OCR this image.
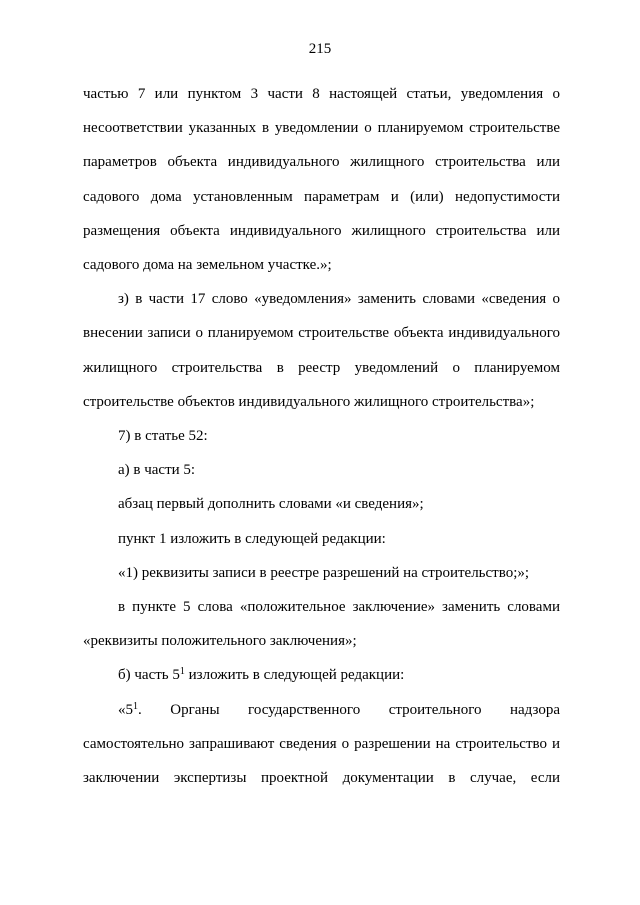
215

частью 7 или пунктом 3 части 8 настоящей статьи, уведомления о несоответствии указанных в уведомлении о планируемом строительстве параметров объекта индивидуального жилищного строительства или садового дома установленным параметрам и (или) недопустимости размещения объекта индивидуального жилищного строительства или садового дома на земельном участке.»;

з) в части 17 слово «уведомления» заменить словами «сведения о внесении записи о планируемом строительстве объекта индивидуального жилищного строительства в реестр уведомлений о планируемом строительстве объектов индивидуального жилищного строительства»;

7) в статье 52:

а) в части 5:

абзац первый дополнить словами «и сведения»;

пункт 1 изложить в следующей редакции:

«1) реквизиты записи в реестре разрешений на строительство;»;

в пункте 5 слова «положительное заключение» заменить словами «реквизиты положительного заключения»;

б) часть $5^1$ изложить в следующей редакции:

«$5^1$. Органы государственного строительного надзора самостоятельно запрашивают сведения о разрешении на строительство и заключении экспертизы проектной документации в случае, если
